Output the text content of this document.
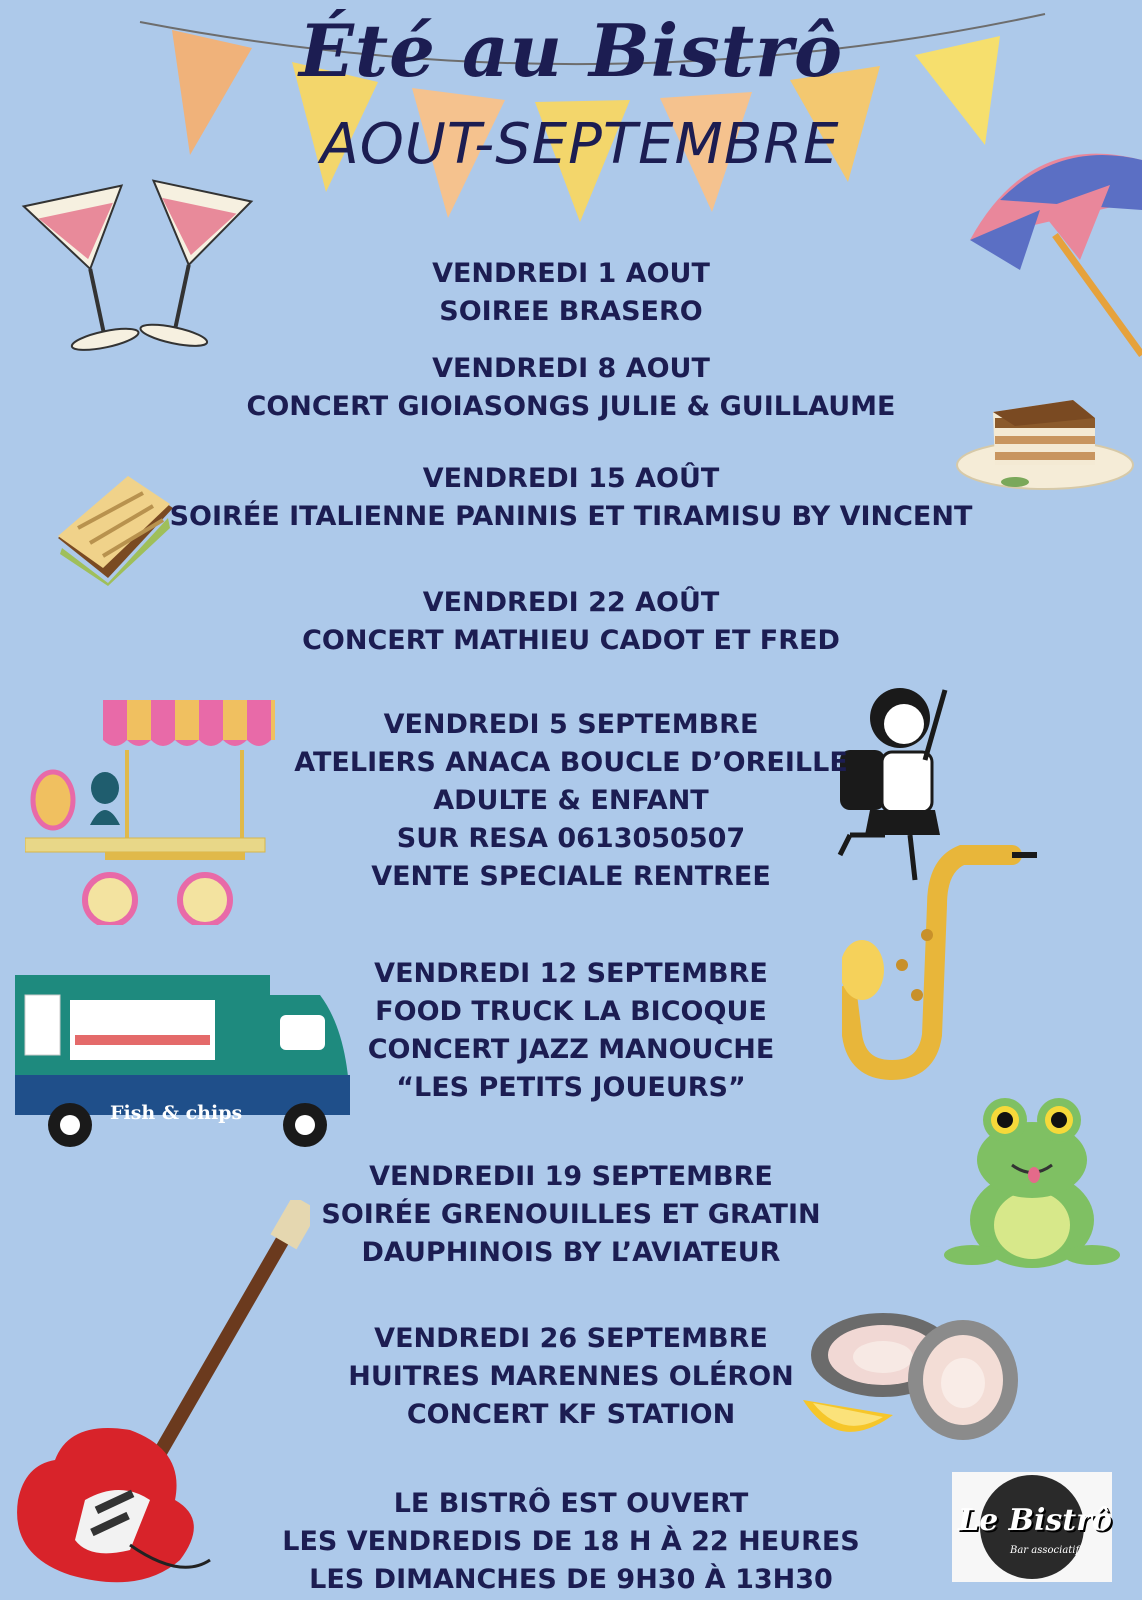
Fish & chips
Été au Bistrô
AOUT-SEPTEMBRE
VENDREDI 1 AOUT
SOIREE BRASERO
VENDREDI 8 AOUT
CONCERT GIOIASONGS JULIE & GUILLAUME
VENDREDI 15 AOÛT
SOIRÉE ITALIENNE PANINIS ET TIRAMISU BY VINCENT
VENDREDI 22 AOÛT
CONCERT MATHIEU CADOT ET FRED
VENDREDI 5 SEPTEMBRE
ATELIERS ANACA BOUCLE D’OREILLE
ADULTE & ENFANT
SUR RESA 0613050507
VENTE SPECIALE RENTREE
VENDREDI 12 SEPTEMBRE
FOOD TRUCK LA BICOQUE
CONCERT JAZZ MANOUCHE
“LES PETITS JOUEURS”
VENDREDII 19 SEPTEMBRE
SOIRÉE GRENOUILLES ET GRATIN
DAUPHINOIS BY L’AVIATEUR
VENDREDI 26 SEPTEMBRE
HUITRES MARENNES OLÉRON
CONCERT KF STATION
LE BISTRÔ EST OUVERT
LES VENDREDIS DE 18 H À 22 HEURES
LES DIMANCHES DE 9H30 À 13H30
Le Bistrô
Bar associatif
